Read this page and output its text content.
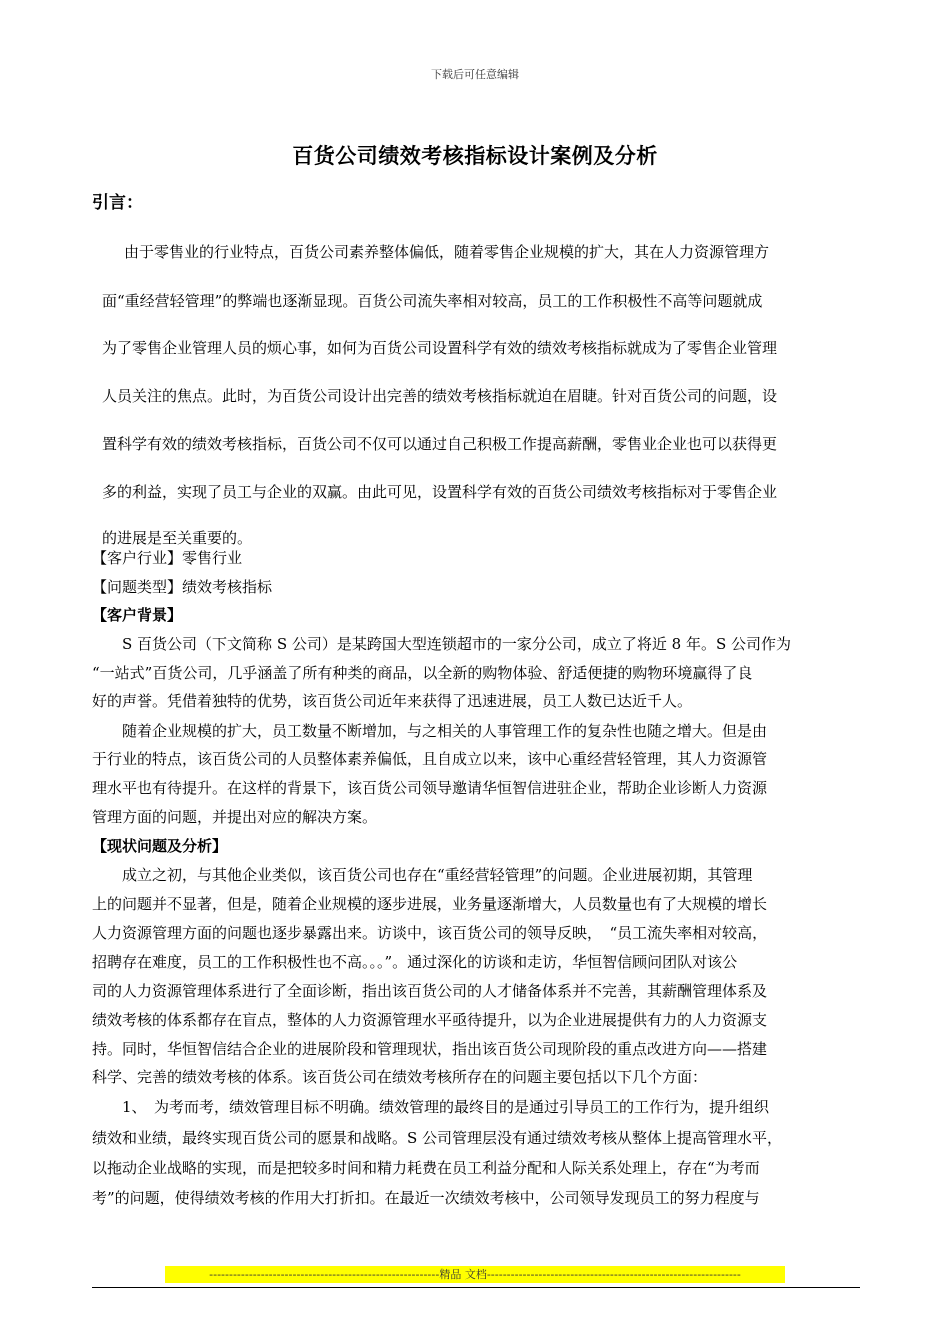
下载后可任意编辑
百货公司绩效考核指标设计案例及分析
引言：
由于零售业的行业特点，百货公司素养整体偏低，随着零售企业规模的扩大，其在人力资源管理方
面“重经营轻管理”的弊端也逐渐显现。百货公司流失率相对较高，员工的工作积极性不高等问题就成
为了零售企业管理人员的烦心事，如何为百货公司设置科学有效的绩效考核指标就成为了零售企业管理
人员关注的焦点。此时，为百货公司设计出完善的绩效考核指标就迫在眉睫。针对百货公司的问题，设
置科学有效的绩效考核指标，百货公司不仅可以通过自己积极工作提高薪酬，零售业企业也可以获得更
多的利益，实现了员工与企业的双赢。由此可见，设置科学有效的百货公司绩效考核指标对于零售企业
的进展是至关重要的。
【客户行业】零售行业
【问题类型】绩效考核指标
【客户背景】
S 百货公司（下文简称 S 公司）是某跨国大型连锁超市的一家分公司，成立了将近 8 年。S 公司作为
“一站式”百货公司，几乎涵盖了所有种类的商品，以全新的购物体验、舒适便捷的购物环境赢得了良
好的声誉。凭借着独特的优势，该百货公司近年来获得了迅速进展，员工人数已达近千人。
随着企业规模的扩大，员工数量不断增加，与之相关的人事管理工作的复杂性也随之增大。但是由
于行业的特点，该百货公司的人员整体素养偏低，且自成立以来，该中心重经营轻管理，其人力资源管
理水平也有待提升。在这样的背景下，该百货公司领导邀请华恒智信进驻企业，帮助企业诊断人力资源
管理方面的问题，并提出对应的解决方案。
【现状问题及分析】
成立之初，与其他企业类似，该百货公司也存在“重经营轻管理”的问题。企业进展初期，其管理
上的问题并不显著，但是，随着企业规模的逐步进展，业务量逐渐增大，人员数量也有了大规模的增长
人力资源管理方面的问题也逐步暴露出来。访谈中，该百货公司的领导反映，　“员工流失率相对较高，
招聘存在难度，员工的工作积极性也不高。。。”。通过深化的访谈和走访，华恒智信顾问团队对该公
司的人力资源管理体系进行了全面诊断，指出该百货公司的人才储备体系并不完善，其薪酬管理体系及
绩效考核的体系都存在盲点，整体的人力资源管理水平亟待提升，以为企业进展提供有力的人力资源支
持。同时，华恒智信结合企业的进展阶段和管理现状，指出该百货公司现阶段的重点改进方向——搭建
科学、完善的绩效考核的体系。该百货公司在绩效考核所存在的问题主要包括以下几个方面：
1、　为考而考，绩效管理目标不明确。绩效管理的最终目的是通过引导员工的工作行为，提升组织
绩效和业绩，最终实现百货公司的愿景和战略。S 公司管理层没有通过绩效考核从整体上提高管理水平，
以拖动企业战略的实现，而是把较多时间和精力耗费在员工利益分配和人际关系处理上，存在“为考而
考”的问题，使得绩效考核的作用大打折扣。在最近一次绩效考核中，公司领导发现员工的努力程度与
----------------------------------------------------------精品 文档----------------------------------------------------------------
